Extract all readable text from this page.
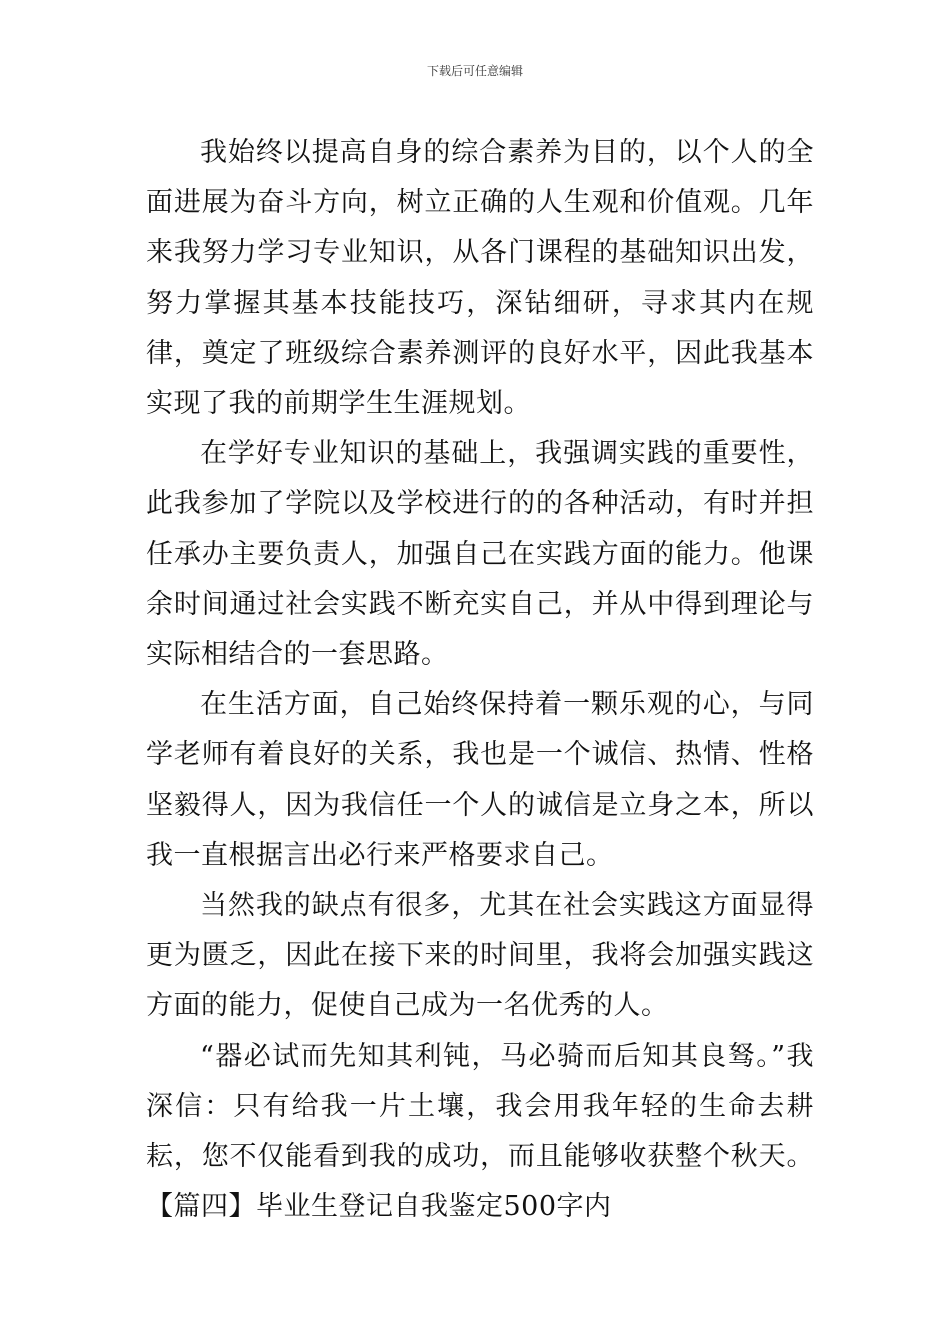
下载后可任意编辑

我始终以提高自身的综合素养为目的，以个人的全面进展为奋斗方向，树立正确的人生观和价值观。几年来我努力学习专业知识，从各门课程的基础知识出发，努力掌握其基本技能技巧，深钻细研，寻求其内在规律，奠定了班级综合素养测评的良好水平，因此我基本实现了我的前期学生生涯规划。

在学好专业知识的基础上，我强调实践的重要性，此我参加了学院以及学校进行的的各种活动，有时并担任承办主要负责人，加强自己在实践方面的能力。他课余时间通过社会实践不断充实自己，并从中得到理论与实际相结合的一套思路。

在生活方面，自己始终保持着一颗乐观的心，与同学老师有着良好的关系，我也是一个诚信、热情、性格坚毅得人，因为我信任一个人的诚信是立身之本，所以我一直根据言出必行来严格要求自己。

当然我的缺点有很多，尤其在社会实践这方面显得更为匮乏，因此在接下来的时间里，我将会加强实践这方面的能力，促使自己成为一名优秀的人。

“器必试而先知其利钝，马必骑而后知其良驽。”我深信：只有给我一片土壤，我会用我年轻的生命去耕耘，您不仅能看到我的成功，而且能够收获整个秋天。【篇四】毕业生登记自我鉴定500字内
